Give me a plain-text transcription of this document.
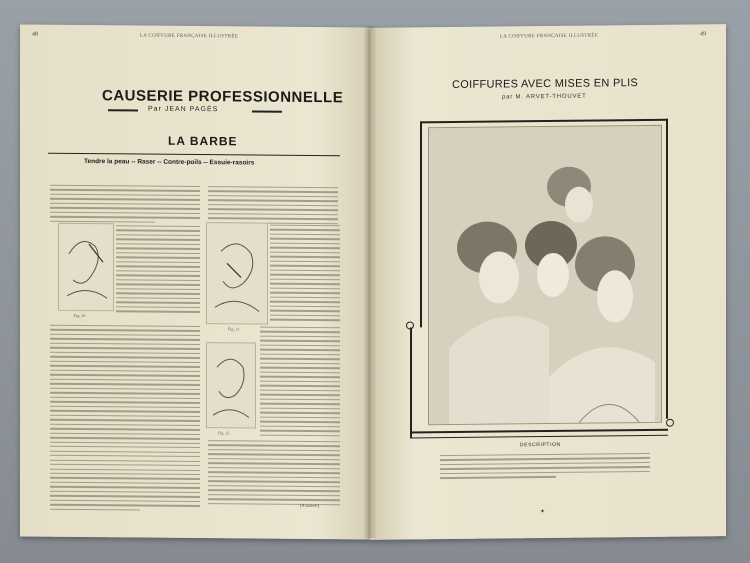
48	LA COIFFURE FRANÇAISE ILLUSTRÉE
CAUSERIE PROFESSIONNELLE
Par JEAN PAGÈS
LA BARBE
Tendre la peau -- Raser -- Contre-poils -- Essuie-rasoirs
Fig. 20
Fig. 21
Fig. 22
(A suivre.)
LA COIFFURE FRANÇAISE ILLUSTRÉE	49
COIFFURES AVEC MISES EN PLIS
par M. ARVET-THOUVET
DESCRIPTION
✦
